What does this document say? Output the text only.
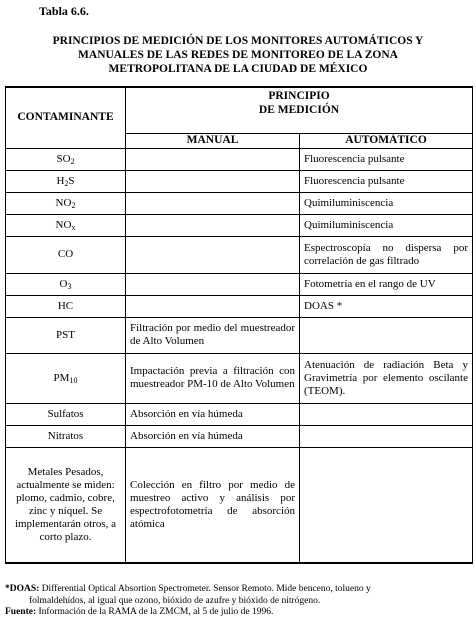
Tabla 6.6.
PRINCIPIOS DE MEDICIÓN DE LOS MONITORES AUTOMÁTICOS Y
MANUALES DE LAS REDES DE MONITOREO DE LA ZONA
METROPOLITANA DE LA CIUDAD DE MÉXICO
CONTAMINANTE	PRINCIPIO
DE MEDICIÓN	

	MANUAL	AUTOMÁTICO
$SO_2$		Fluorescencia pulsante
$H_2S$		Fluorescencia pulsante
$NO_2$		Quimiluminiscencia
$NO_x$		Quimiluminiscencia
CO		Espectroscopía no dispersa por correlación de gas filtrado
$O_3$		Fotometría en el rango de UV
HC		DOAS *
PST	Filtración por medio del muestreador de Alto Volumen	
$PM_{10}$	Impactación previa a filtración con muestreador PM-10 de Alto Volumen	Atenuación de radiación Beta y Gravimetría por elemento oscilante (TEOM).
Sulfatos	Absorción en vía húmeda	
Nitratos	Absorción en vía húmeda	
Metales Pesados, actualmente se miden: plomo, cadmio, cobre, zinc y níquel. Se implementarán otros, a corto plazo.	Colección en filtro por medio de muestreo activo y análisis por espectrofotometría de absorción atómica	
*DOAS: Differential Optical Absortion Spectrometer. Sensor Remoto. Mide benceno, tolueno y
folmaldehídos, al igual que ozono, bióxido de azufre y bióxido de nitrógeno.
Fuente: Información de la RAMA de la ZMCM, al 5 de julio de 1996.
